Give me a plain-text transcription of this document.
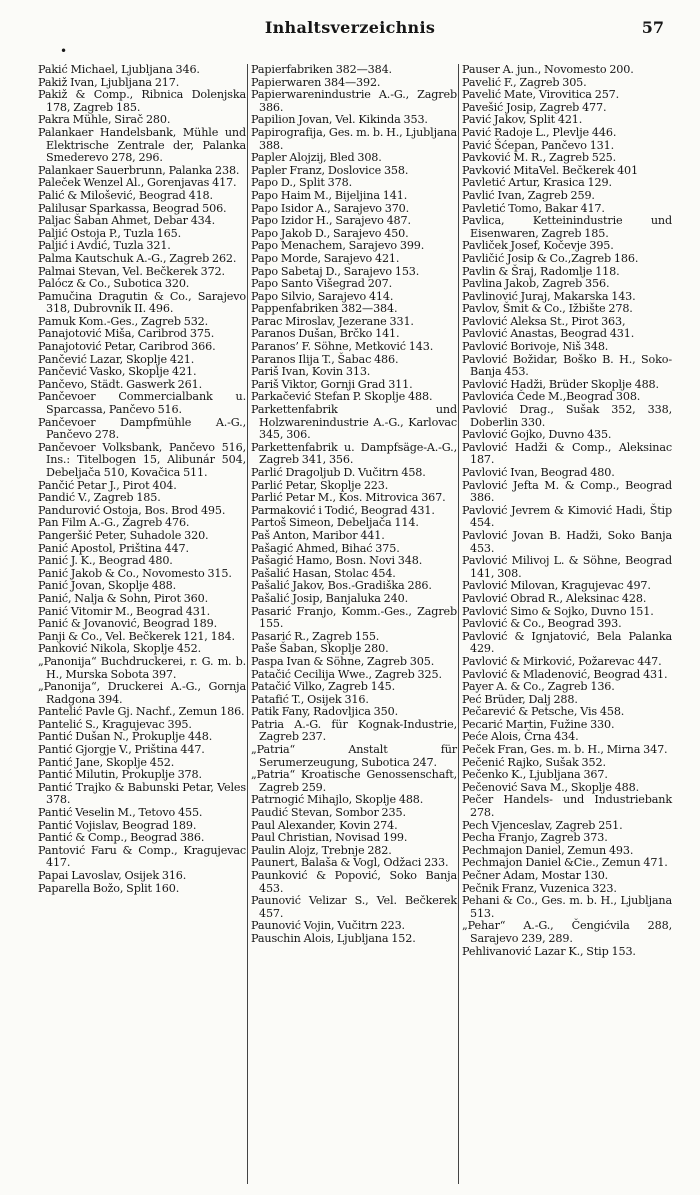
Inhaltsverzeichnis	57
•

Pakić Michael, Ljubljana 346.

Pakiž Ivan, Ljubljana 217.

Pakiž & Comp., Ribnica Dolenjska 178, Zagreb 185.

Pakra Mühle, Sirač 280.

Palankaer Handelsbank, Mühle und Elektrische Zentrale der, Palanka Smederevo 278, 296.

Palankaer Sauerbrunn, Palanka 238.

Paleček Wenzel Al., Gorenjavas 417.

Palić & Milošević, Beograd 418.

Palilusar Sparkassa, Beograd 506.

Paljac Šaban Ahmet, Debar 434.

Paljić Ostoja P., Tuzla 165.

Paljić i Avdić, Tuzla 321.

Palma Kautschuk A.-G., Zagreb 262.

Palmai Stevan, Vel. Bečkerek 372.

Palócz & Co., Subotica 320.

Pamučina Dragutin & Co., Sarajevo 318, Dubrovnik II. 496.

Pamuk Kom.-Ges., Zagreb 532.

Panajotović Miša, Caribrod 375.

Panajotović Petar, Caribrod 366.

Pančević Lazar, Skoplje 421.

Pančević Vasko, Skoplje 421.

Pančevo, Städt. Gaswerk 261.

Pančevoer Commercialbank u. Sparcassa, Pančevo 516.

Pančevoer Dampfmühle A.-G., Pančevo 278.

Pančevoer Volksbank, Pančevo 516, Ins.: Titelbogen 15, Alibunár 504, Debeljača 510, Kovačica 511.

Pančić Petar J., Pirot 404.

Pandić V., Zagreb 185.

Pandurović Ostoja, Bos. Brod 495.

Pan Film A.-G., Zagreb 476.

Pangeršić Peter, Suhadole 320.

Panić Apostol, Priština 447.

Panić J. K., Beograd 480.

Panić Jakob & Co., Novomesto 315.

Panić Jovan, Skoplje 488.

Panić, Nalja & Sohn, Pirot 360.

Panić Vitomir M., Beograd 431.

Panić & Jovanović, Beograd 189.

Panji & Co., Vel. Bečkerek 121, 184.

Panković Nikola, Skoplje 452.

„Panonija“ Buchdruckerei, r. G. m. b. H., Murska Sobota 397.

„Panonija“, Druckerei A.-G., Gornja Radgona 394.

Pantelić Pavle Gj. Nachf., Zemun 186.

Pantelić S., Kragujevac 395.

Pantić Dušan N., Prokuplje 448.

Pantić Gjorgje V., Priština 447.

Pantić Jane, Skoplje 452.

Pantić Milutin, Prokuplje 378.

Pantić Trajko & Babunski Petar, Veles 378.

Pantić Veselin M., Tetovo 455.

Pantić Vojislav, Beograd 189.

Pantić & Comp., Beograd 386.

Pantović Faru & Comp., Kragujevac 417.

Papai Lavoslav, Osijek 316.

Paparella Božo, Split 160.

Papierfabriken 382—384.

Papierwaren 384—392.

Papierwarenindustrie A.-G., Zagreb 386.

Papilion Jovan, Vel. Kikinda 353.

Papirografija, Ges. m. b. H., Ljubljana 388.

Papler Alojzij, Bled 308.

Papler Franz, Doslovice 358.

Papo D., Split 378.

Papo Haim M., Bijeljina 141.

Papo Isidor A., Sarajevo 370.

Papo Izidor H., Sarajevo 487.

Papo Jakob D., Sarajevo 450.

Papo Menachem, Sarajevo 399.

Papo Morde, Sarajevo 421.

Papo Sabetaj D., Sarajevo 153.

Papo Santo Višegrad 207.

Papo Silvio, Sarajevo 414.

Pappenfabriken 382—384.

Parac Miroslav, Jezerane 331.

Paranos Dušan, Brčko 141.

Paranos’ F. Söhne, Metković 143.

Paranos Ilija T., Šabac 486.

Pariš Ivan, Kovin 313.

Pariš Viktor, Gornji Grad 311.

Parkačević Stefan P. Skoplje 488.

Parkettenfabrik und Holzwarenindustrie A.-G., Karlovac 345, 306.

Parkettenfabrik u. Dampfsäge-A.-G., Zagreb 341, 356.

Parlić Dragoljub D. Vučitrn 458.

Parlić Petar, Skoplje 223.

Parlić Petar M., Kos. Mitrovica 367.

Parmaković i Todić, Beograd 431.

Partoš Simeon, Debeljača 114.

Paš Anton, Maribor 441.

Pašagić Ahmed, Bihać 375.

Pašagić Hamo, Bosn. Novi 348.

Pašalić Hasan, Stolac 454.

Pašalić Jakov, Bos.-Gradiška 286.

Pašalić Josip, Banjaluka 240.

Pasarić Franjo, Komm.-Ges., Zagreb 155.

Pasarić R., Zagreb 155.

Paše Šaban, Skoplje 280.

Paspa Ivan & Söhne, Zagreb 305.

Patačić Cecilija Wwe., Zagreb 325.

Patačić Vilko, Zagreb 145.

Patafić T., Osijek 316.

Patik Fany, Radovljica 350.

Patria A.-G. für Kognak-Industrie, Zagreb 237.

„Patria“ Anstalt für Serumerzeugung, Subotica 247.

„Patria“ Kroatische Genossenschaft, Zagreb 259.

Patrnogić Mihajlo, Skoplje 488.

Paudić Stevan, Sombor 235.

Paul Alexander, Kovin 274.

Paul Christian, Novisad 199.

Paulin Alojz, Trebnje 282.

Paunert, Balaša & Vogl, Odžaci 233.

Paunković & Popović, Soko Banja 453.

Paunović Velizar S., Vel. Bečkerek 457.

Paunović Vojin, Vučitrn 223.

Pauschin Alois, Ljubljana 152.

Pauser A. jun., Novomesto 200.

Pavelić F., Zagreb 305.

Pavelić Mate, Virovitica 257.

Pavešić Josip, Zagreb 477.

Pavić Jakov, Split 421.

Pavić Radoje L., Plevlje 446.

Pavić Šćepan, Pančevo 131.

Pavković M. R., Zagreb 525.

Pavković MitaVel. Bečkerek 401

Pavletić Artur, Krasica 129.

Pavlić Ivan, Zagreb 259.

Pavletić Tomo, Bakar 417.

Pavlica, Ketteinindustrie und Eisenwaren, Zagreb 185.

Pavliček Josef, Kočevje 395.

Pavličić Josip & Co.,Zagreb 186.

Pavlin & Šraj, Radomlje 118.

Pavlina Jakob, Zagreb 356.

Pavlinović Juraj, Makarska 143.

Pavlov, Šmit & Co., Ižbište 278.

Pavlović Aleksa St., Pirot 363,

Pavlović Anastas, Beograd 431.

Pavlović Borivoje, Niš 348.

Pavlović Božidar, Boško B. H., Soko-Banja 453.

Pavlović Hadži, Brüder Skoplje 488.

Pavlovića Čede M.,Beograd 308.

Pavlović Drag., Sušak 352, 338, Doberlin 330.

Pavlović Gojko, Duvno 435.

Pavlović Hadži & Comp., Aleksinac 187.

Pavlović Ivan, Beograd 480.

Pavlović Jefta M. & Comp., Beograd 386.

Pavlović Jevrem & Kimović Hadi, Štip 454.

Pavlović Jovan B. Hadži, Soko Banja 453.

Pavlović Milivoj L. & Söhne, Beograd 141, 308.

Pavlović Milovan, Kragujevac 497.

Pavlović Obrad R., Aleksinac 428.

Pavlović Simo & Sojko, Duvno 151.

Pavlović & Co., Beograd 393.

Pavlović & Ignjatović, Bela Palanka 429.

Pavlović & Mirković, Požarevac 447.

Pavlović & Mladenović, Beograd 431.

Payer A. & Co., Zagreb 136.

Peć Brüder, Dalj 288.

Pečarević & Petsche, Vis 458.

Pecarić Martin, Fužine 330.

Peće Alois, Črna 434.

Peček Fran, Ges. m. b. H., Mirna 347.

Pečenić Rajko, Sušak 352.

Pečenko K., Ljubljana 367.

Pečenović Sava M., Skoplje 488.

Pečer Handels- und Industriebank 278.

Pech Vjenceslav, Zagreb 251.

Pecha Franjo, Zagreb 373.

Pechmajon Daniel, Zemun 493.

Pechmajon Daniel &Cie., Zemun 471.

Pečner Adam, Mostar 130.

Pečnik Franz, Vuzenica 323.

Pehani & Co., Ges. m. b. H., Ljubljana 513.

„Pehar“ A.-G., Čengićvila 288, Sarajevo 239, 289.

Pehlivanović Lazar K., Stip 153.
